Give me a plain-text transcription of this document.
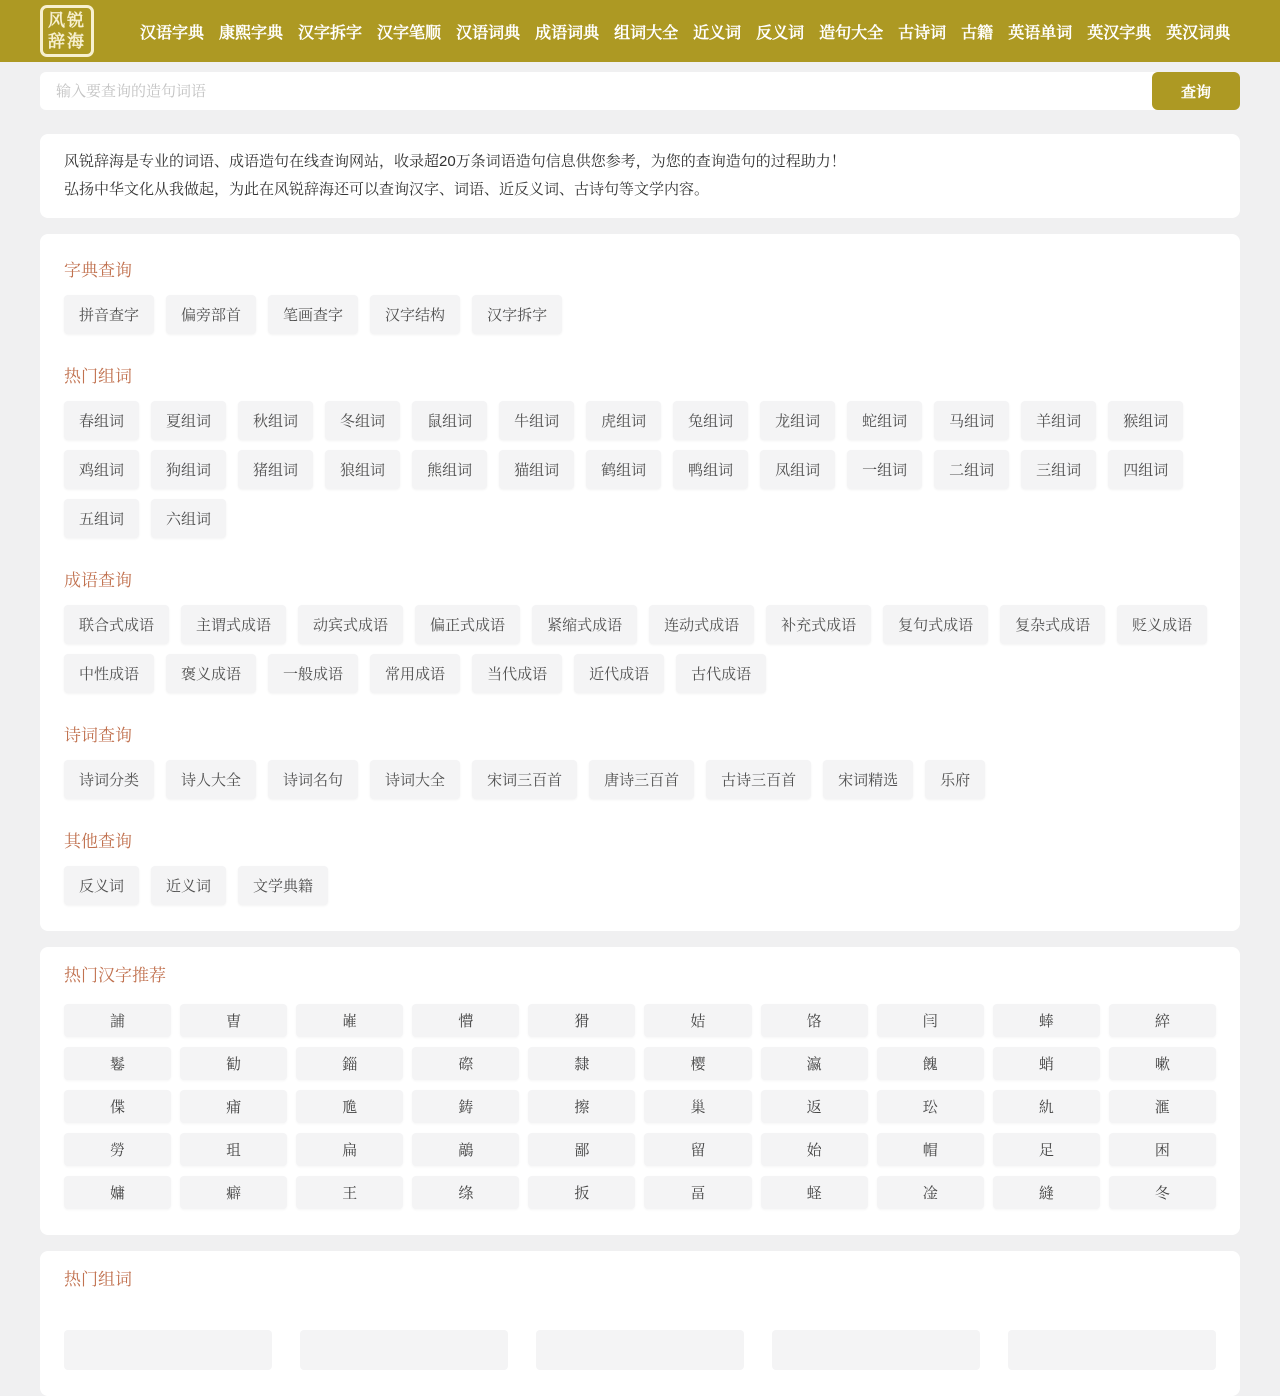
风锐
辞海	汉语字典 康熙字典 汉字拆字 汉字笔顺 汉语词典 成语词典 组词大全 近义词 反义词 造句大全 古诗词 古籍 英语单词 英汉字典 英汉词典
输入要查询的造句词语
查询

风锐辞海是专业的词语、成语造句在线查询网站，收录超20万条词语造句信息供您参考，为您的查询造句的过程助力！

弘扬中华文化从我做起，为此在风锐辞海还可以查询汉字、词语、近反义词、古诗句等文学内容。

字典查询
拼音查字	偏旁部首	笔画查字	汉字结构	汉字拆字
热门组词
春组词	夏组词	秋组词	冬组词	鼠组词	牛组词	虎组词	兔组词	龙组词	蛇组词	马组词	羊组词	猴组词
鸡组词	狗组词	猪组词	狼组词	熊组词	猫组词	鹤组词	鸭组词	凤组词	一组词	二组词	三组词	四组词
五组词	六组词
成语查询
联合式成语	主谓式成语	动宾式成语	偏正式成语	紧缩式成语	连动式成语	补充式成语	复句式成语	复杂式成语	贬义成语
中性成语	褒义成语	一般成语	常用成语	当代成语	近代成语	古代成语
诗词查询
诗词分类	诗人大全	诗词名句	诗词大全	宋词三百首	唐诗三百首	古诗三百首	宋词精选	乐府
其他查询
反义词	近义词	文学典籍
热门汉字推荐
誧	曺	嶉	懵	猾	姞	饹	闫	蜯	綷
鬈	勧	錙	磜	隸	樱	瀛	餽	蛸	嗽
偞	痡	卼	鋳	擦	巢	返	玜	䊵	滙
勞	珇	扁	鶮	鄙	留	始	帽	足	困
嫞	癖	王	绦	扳	畐	蛏	凎	縫	冬
热门组词
